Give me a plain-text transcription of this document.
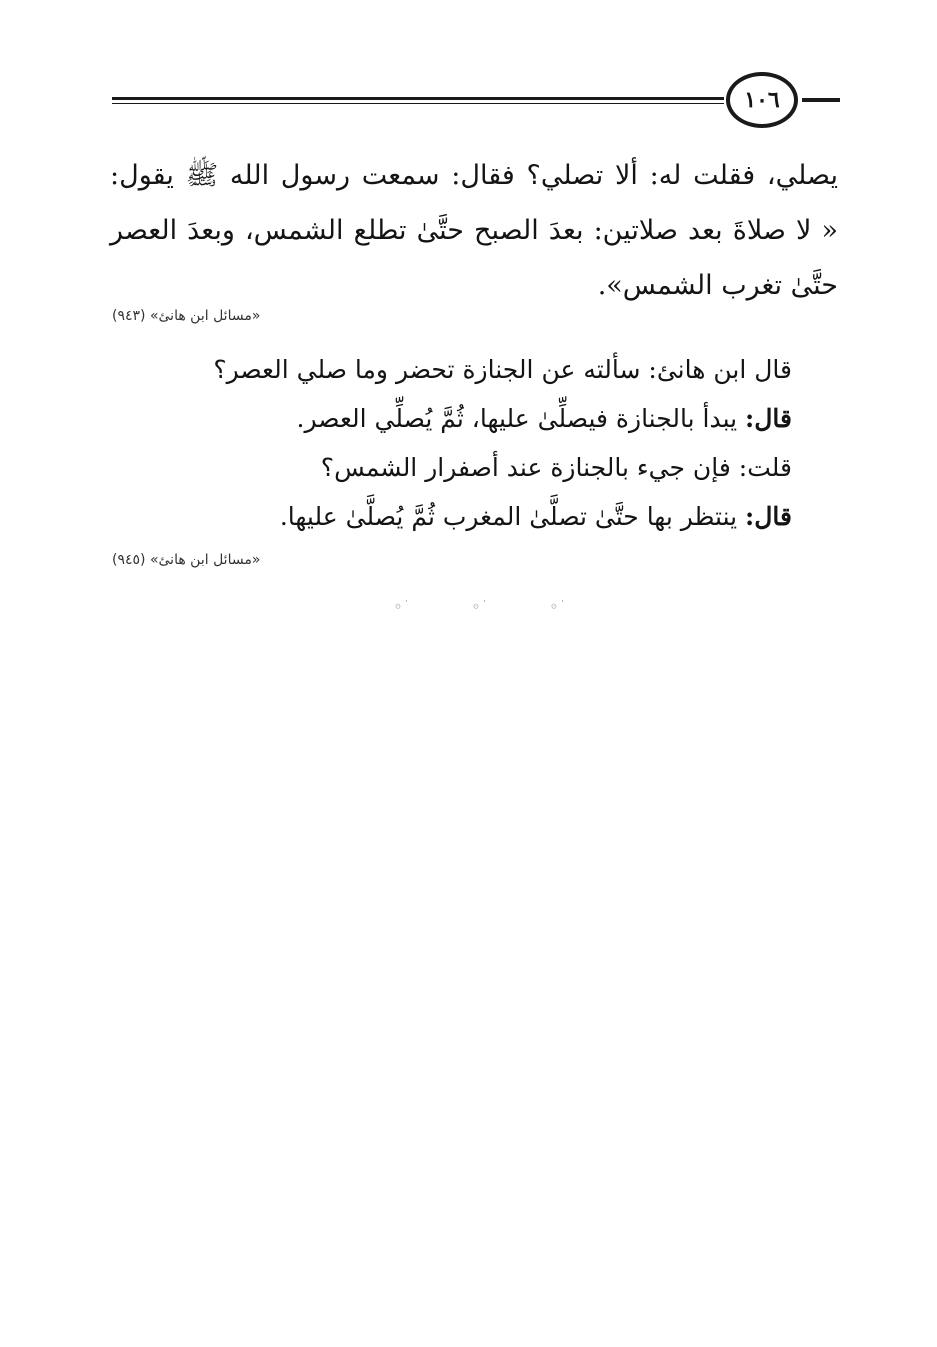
١٠٦
يصلي، فقلت له: ألا تصلي؟ فقال: سمعت رسول الله ﷺ يقول:
« لا صلاةَ بعد صلاتين: بعدَ الصبح حتَّىٰ تطلع الشمس، وبعدَ العصر
حتَّىٰ تغرب الشمس».
«مسائل ابن هانئ» (٩٤٣)
قال ابن هانئ: سألته عن الجنازة تحضر وما صلي العصر؟
قال: يبدأ بالجنازة فيصلِّىٰ عليها، ثُمَّ يُصلِّي العصر.
قلت: فإن جيء بالجنازة عند أصفرار الشمس؟
قال: ينتظر بها حتَّىٰ تصلَّىٰ المغرب ثُمَّ يُصلَّىٰ عليها.
«مسائل ابن هانئ» (٩٤٥)
۞ ˙	۞ ˙	۞ ˙
